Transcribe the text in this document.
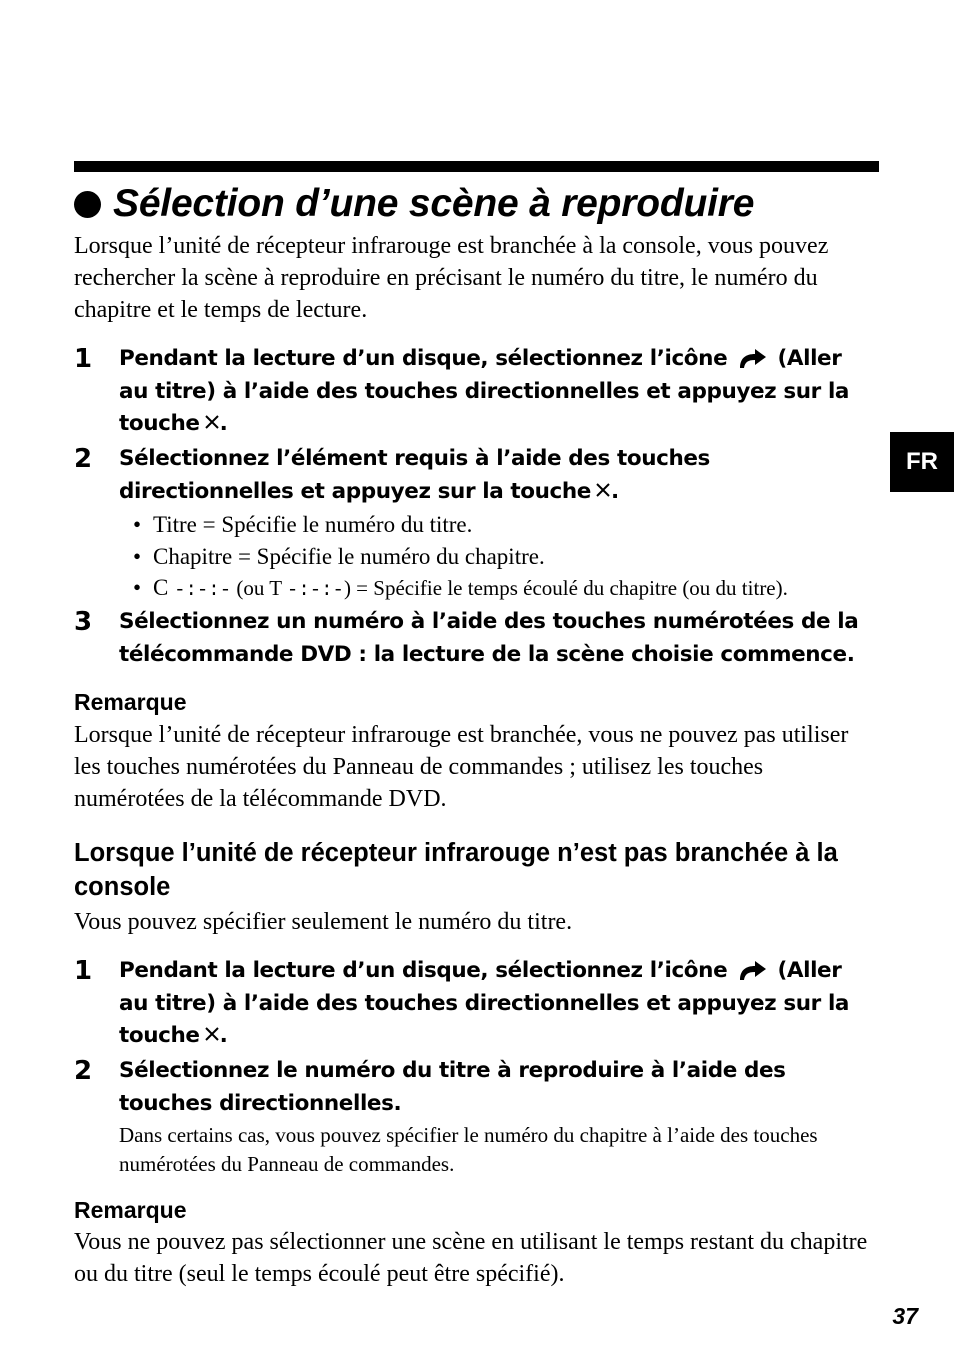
Sélection d’une scène à reproduire

Lorsque l’unité de récepteur infrarouge est branchée à la console, vous pouvez rechercher la scène à reproduire en précisant le numéro du titre, le numéro du chapitre et le temps de lecture.

1 Pendant la lecture d’un disque, sélectionnez l’icône (Aller au titre) à l’aide des touches directionnelles et appuyez sur la touche .
2 Sélectionnez l’élément requis à l’aide des touches directionnelles et appuyez sur la touche .
• Titre = Spécifie le numéro du titre.
• Chapitre = Spécifie le numéro du chapitre.
• C -:-:- (ou T -:-:-) = Spécifie le temps écoulé du chapitre (ou du titre).
3 Sélectionnez un numéro à l’aide des touches numérotées de la télécommande DVD : la lecture de la scène choisie commence.
Remarque

Lorsque l’unité de récepteur infrarouge est branchée, vous ne pouvez pas utiliser les touches numérotées du Panneau de commandes ; utilisez les touches numérotées de la télécommande DVD.

Lorsque l’unité de récepteur infrarouge n’est pas branchée à la console

Vous pouvez spécifier seulement le numéro du titre.

1 Pendant la lecture d’un disque, sélectionnez l’icône (Aller au titre) à l’aide des touches directionnelles et appuyez sur la touche .
2 Sélectionnez le numéro du titre à reproduire à l’aide des touches directionnelles.

Dans certains cas, vous pouvez spécifier le numéro du chapitre à l’aide des touches numérotées du Panneau de commandes.

Remarque

Vous ne pouvez pas sélectionner une scène en utilisant le temps restant du chapitre ou du titre (seul le temps écoulé peut être spécifié).

FR
37
